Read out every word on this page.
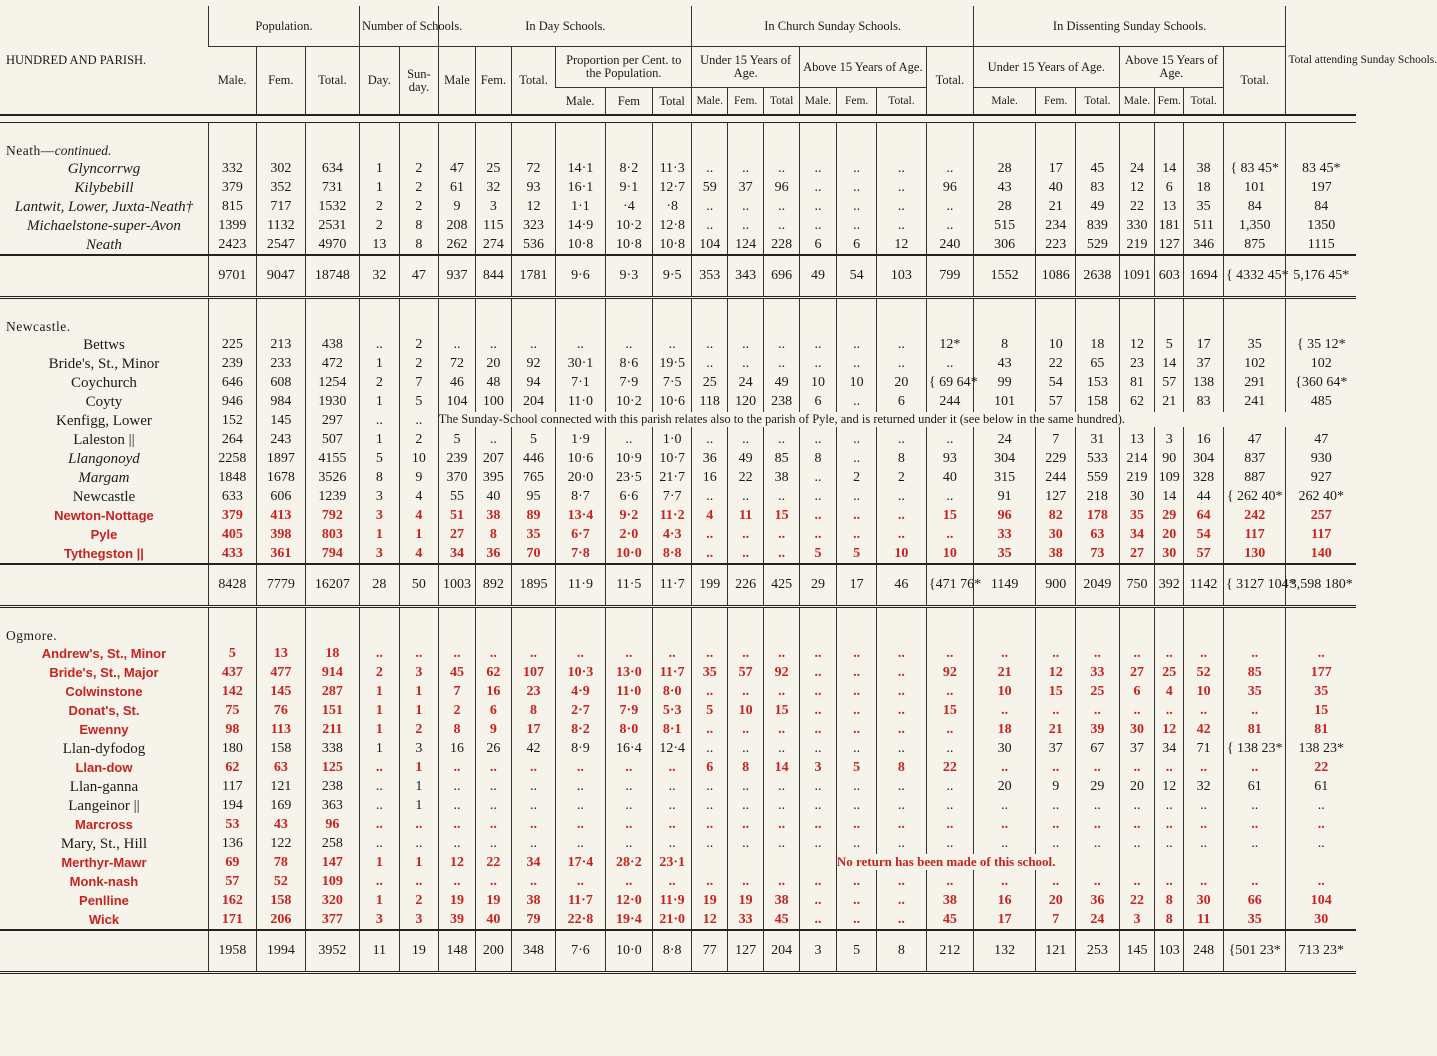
HUNDRED AND PARISH.	Population.			Number of Schools.		In Day Schools.						In Church Sunday Schools.							In Dissenting Sunday Schools.							Total attending Sunday Schools.
	Male.	Fem.	Total.	Day.	Sun-day.	Male	Fem.	Total.	Proportion per Cent. to the Population.			Under 15 Years of Age.			Above 15 Years of Age.			Total.	Under 15 Years of Age.			Above 15 Years of Age.			Total.	
									Male.	Fem	Total	Male.	Fem.	Total	Male.	Fem.	Total.		Male.	Fem.	Total.	Male.	Fem.	Total.		

Neath—continued.																										
Glyncorrwg	332	302	634	1	2	47	25	72	14·1	8·2	11·3	..	..	..	..	..	..	..	28	17	45	24	14	38	{ 83 45*	83 45*
Kilybebill	379	352	731	1	2	61	32	93	16·1	9·1	12·7	59	37	96	..	..	..	96	43	40	83	12	6	18	101	197
Lantwit, Lower, Juxta-Neath†	815	717	1532	2	2	9	3	12	1·1	·4	·8	..	..	..	..	..	..	..	28	21	49	22	13	35	84	84
Michaelstone-super-Avon	1399	1132	2531	2	8	208	115	323	14·9	10·2	12·8	..	..	..	..	..	..	..	515	234	839	330	181	511	1,350	1350
Neath	2423	2547	4970	13	8	262	274	536	10·8	10·8	10·8	104	124	228	6	6	12	240	306	223	529	219	127	346	875	1115
	9701	9047	18748	32	47	937	844	1781	9·6	9·3	9·5	353	343	696	49	54	103	799	1552	1086	2638	1091	603	1694	{ 4332 45*	5,176 45*
Newcastle.																										
Bettws	225	213	438	..	2	..	..	..	..	..	..	..	..	..	..	..	..	12*	8	10	18	12	5	17	35	{ 35 12*
Bride's, St., Minor	239	233	472	1	2	72	20	92	30·1	8·6	19·5	..	..	..	..	..	..	..	43	22	65	23	14	37	102	102
Coychurch	646	608	1254	2	7	46	48	94	7·1	7·9	7·5	25	24	49	10	10	20	{ 69 64*	99	54	153	81	57	138	291	{360 64*
Coyty	946	984	1930	1	5	104	100	204	11·0	10·2	10·6	118	120	238	6	..	6	244	101	57	158	62	21	83	241	485
Kenfigg, Lower	152	145	297	..	..																					
Laleston ||	264	243	507	1	2	5	..	5	1·9	..	1·0	..	..	..	..	..	..	..	24	7	31	13	3	16	47	47
Llangonoyd	2258	1897	4155	5	10	239	207	446	10·6	10·9	10·7	36	49	85	8	..	8	93	304	229	533	214	90	304	837	930
Margam	1848	1678	3526	8	9	370	395	765	20·0	23·5	21·7	16	22	38	..	2	2	40	315	244	559	219	109	328	887	927
Newcastle	633	606	1239	3	4	55	40	95	8·7	6·6	7·7	..	..	..	..	..	..	..	91	127	218	30	14	44	{ 262 40*	262 40*
Newton-Nottage	379	413	792	3	4	51	38	89	13·4	9·2	11·2	4	11	15	..	..	..	15	96	82	178	35	29	64	242	257
Pyle	405	398	803	1	1	27	8	35	6·7	2·0	4·3	..	..	..	..	..	..	..	33	30	63	34	20	54	117	117
Tythegston ||	433	361	794	3	4	34	36	70	7·8	10·0	8·8	..	..	..	5	5	10	10	35	38	73	27	30	57	130	140
	8428	7779	16207	28	50	1003	892	1895	11·9	11·5	11·7	199	226	425	29	17	46	{471 76*	1149	900	2049	750	392	1142	{ 3127 104*	3,598 180*
Ogmore.																										
Andrew's, St., Minor	5	13	18	..	..	..	..	..	..	..	..	..	..	..	..	..	..	..	..	..	..	..	..	..	..	..
Bride's, St., Major	437	477	914	2	3	45	62	107	10·3	13·0	11·7	35	57	92	..	..	..	92	21	12	33	27	25	52	85	177
Colwinstone	142	145	287	1	1	7	16	23	4·9	11·0	8·0	..	..	..	..	..	..	..	10	15	25	6	4	10	35	35
Donat's, St.	75	76	151	1	1	2	6	8	2·7	7·9	5·3	5	10	15	..	..	..	15	..	..	..	..	..	..	..	15
Ewenny	98	113	211	1	2	8	9	17	8·2	8·0	8·1	..	..	..	..	..	..	..	18	21	39	30	12	42	81	81
Llan-dyfodog	180	158	338	1	3	16	26	42	8·9	16·4	12·4	..	..	..	..	..	..	..	30	37	67	37	34	71	{ 138 23*	138 23*
Llan-dow	62	63	125	..	1	..	..	..	..	..	..	6	8	14	3	5	8	22	..	..	..	..	..	..	..	22
Llan-ganna	117	121	238	..	1	..	..	..	..	..	..	..	..	..	..	..	..	..	20	9	29	20	12	32	61	61
Langeinor ||	194	169	363	..	1	..	..	..	..	..	..	..	..	..	..	..	..	..	..	..	..	..	..	..	..	..
Marcross	53	43	96	..	..	..	..	..	..	..	..	..	..	..	..	..	..	..	..	..	..	..	..	..	..	..
Mary, St., Hill	136	122	258	..	..	..	..	..	..	..	..	..	..	..	..	..	..	..	..	..	..	..	..	..	..	..
Merthyr-Mawr	69	78	147	1	1	12	22	34	17·4	28·2	23·1															
Monk-nash	57	52	109	..	..	..	..	..	..	..	..	..	..	..	..	..	..	..	..	..	..	..	..	..	..	..
Penlline	162	158	320	1	2	19	19	38	11·7	12·0	11·9	19	19	38	..	..	..	38	16	20	36	22	8	30	66	104
Wick	171	206	377	3	3	39	40	79	22·8	19·4	21·0	12	33	45	..	..	..	45	17	7	24	3	8	11	35	30
	1958	1994	3952	11	19	148	200	348	7·6	10·0	8·8	77	127	204	3	5	8	212	132	121	253	145	103	248	{501 23*	713 23*
The Sunday-School connected with this parish relates also to the parish of Pyle, and is returned under it (see below in the same hundred).
No return has been made of this school.
